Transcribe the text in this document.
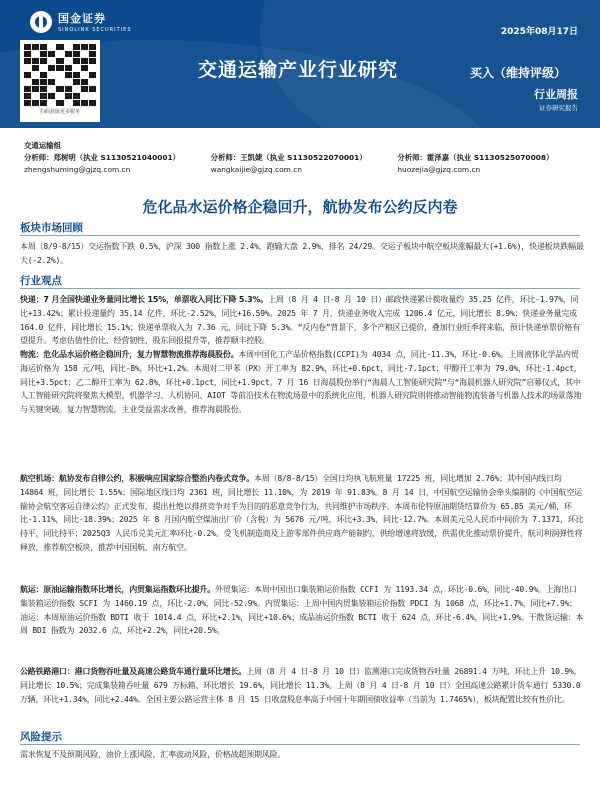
国金证券
SINOLINK SECURITIES	2025年08月17日
扫码获取更多服务
交通运输产业行业研究	买入（维持评级）
行业周报
证券研究报告
交通运输组
分析师：郑树明（执业 S1130521040001）	分析师：王凯婕（执业 S1130522070001）	分析师：霍泽嘉（执业 S1130525070008）
zhengshuming@gjzq.com.cn	wangkaijie@gjzq.com.cn	huozejia@gjzq.com.cn
危化品水运价格企稳回升，航协发布公约反内卷
板块市场回顾
本周（8/9-8/15）交运指数下跌 0.5%，沪深 300 指数上涨 2.4%，跑输大盘 2.9%，排名 24/29。交运子板块中航空板块涨幅最大(+1.6%)，快递板块跌幅最大(-2.2%)。
行业观点
快递：7 月全国快递业务量同比增长 15%，单票收入同比下降 5.3%。上周（8 月 4 日-8 月 10 日）邮政快递累计揽收量约 35.25 亿件，环比-1.97%，同比+13.42%；累计投递量约 35.14 亿件，环比-2.52%，同比+16.59%。2025 年 7 月，快递业务收入完成 1206.4 亿元，同比增长 8.9%；快递业务量完成 164.0 亿件，同比增长 15.1%；快递单票收入为 7.36 元，同比下降 5.3%。“反内卷”背景下，多个产粮区已提价，叠加行业旺季将来临，预计快递单票价格有望提升。考虑估值性价比、经营韧性、股东回报提升等，推荐顺丰控股。
物流：危化品水运价格企稳回升，复力智慧物流推荐海晨股份。本周中国化工产品价格指数(CCPI)为 4034 点，同比-11.3%，环比-0.6%。上周液体化学品内贸海运价格为 158 元/吨，同比-8%，环比+1.2%。本周对二甲苯（PX）开工率为 82.9%，环比+0.6pct，同比-7.1pct；甲醇开工率为 79.0%，环比-1.4pct，同比+3.5pct；乙二醇开工率为 62.8%，环比+0.1pct，同比+1.9pct。7 月 16 日海晨股份举行“海晨人工智能研究院”与“海晨机器人研究院”启幕仪式，其中人工智能研究院将聚焦大模型、机器学习、人机协同、AIOT 等前沿技术在物流场景中的系统化应用，机器人研究院则将推动智能物流装备与机器人技术的场景落地与关键突破。复力智慧物流，主业受益需求改善，推荐海晨股份。
航空机场：航协发布自律公约，积极响应国家综合整治内卷式竞争。本周（8/8-8/15）全国日均执飞航班量 17225 班，同比增加 2.76%；其中国内线日均 14864 班，同比增长 1.55%；国际地区线日均 2361 班，同比增长 11.10%，为 2019 年 91.83%。8 月 14 日，中国航空运输协会牵头编制的《中国航空运输协会航空客运自律公约》正式发布，提出杜绝以排挤竞争对手为目的的恶意竞争行为，共同维护市场秩序。本周布伦特原油期货结算价为 65.85 美元/桶，环比-1.11%，同比-18.39%；2025 年 8 月国内航空煤油出厂价（含税）为 5676 元/吨，环比+3.3%，同比-12.7%。本周美元兑人民币中间价为 7.1371，环比持平，同比持平；2025Q3 人民币兑美元汇率环比-0.2%。受飞机制造商及上游零部件供应商产能制约，供给增速将放缓，供需优化推动票价提升，航司利润弹性将释放，推荐航空板块，推荐中国国航、南方航空。
航运：原油运输指数环比增长，内贸集运指数环比提升。外贸集运：本周中国出口集装箱运价指数 CCFI 为 1193.34 点，环比-0.6%，同比-40.9%。上海出口集装箱运价指数 SCFI 为 1460.19 点，环比-2.0%，同比-52.9%。内贸集运：上周中国内贸集装箱运价指数 PDCI 为 1068 点，环比+1.7%，同比+7.9%；油运：本周原油运价指数 BDTI 收于 1014.4 点，环比+2.1%，同比+10.6%；成品油运价指数 BCTI 收于 624 点，环比-6.4%，同比+1.9%。干散货运输：本周 BDI 指数为 2032.6 点，环比+2.2%，同比+20.5%。
公路铁路港口：港口货物吞吐量及高速公路货车通行量环比增长。上周（8 月 4 日-8 月 10 日）监测港口完成货物吞吐量 26891.4 万吨，环比上升 10.9%，同比增长 10.5%；完成集装箱吞吐量 679 万标箱，环比增长 19.6%，同比增长 11.3%。上周（8 月 4 日-8 月 10 日）全国高速公路累计货车通行 5330.0 万辆，环比+1.34%，同比+2.44%。全国主要公路运营主体 8 月 15 日收盘股息率高于中国十年期国债收益率（当前为 1.7465%），板块配置比较有性价比。
风险提示
需求恢复不及预期风险，油价上涨风险，汇率波动风险，价格战超预期风险。
